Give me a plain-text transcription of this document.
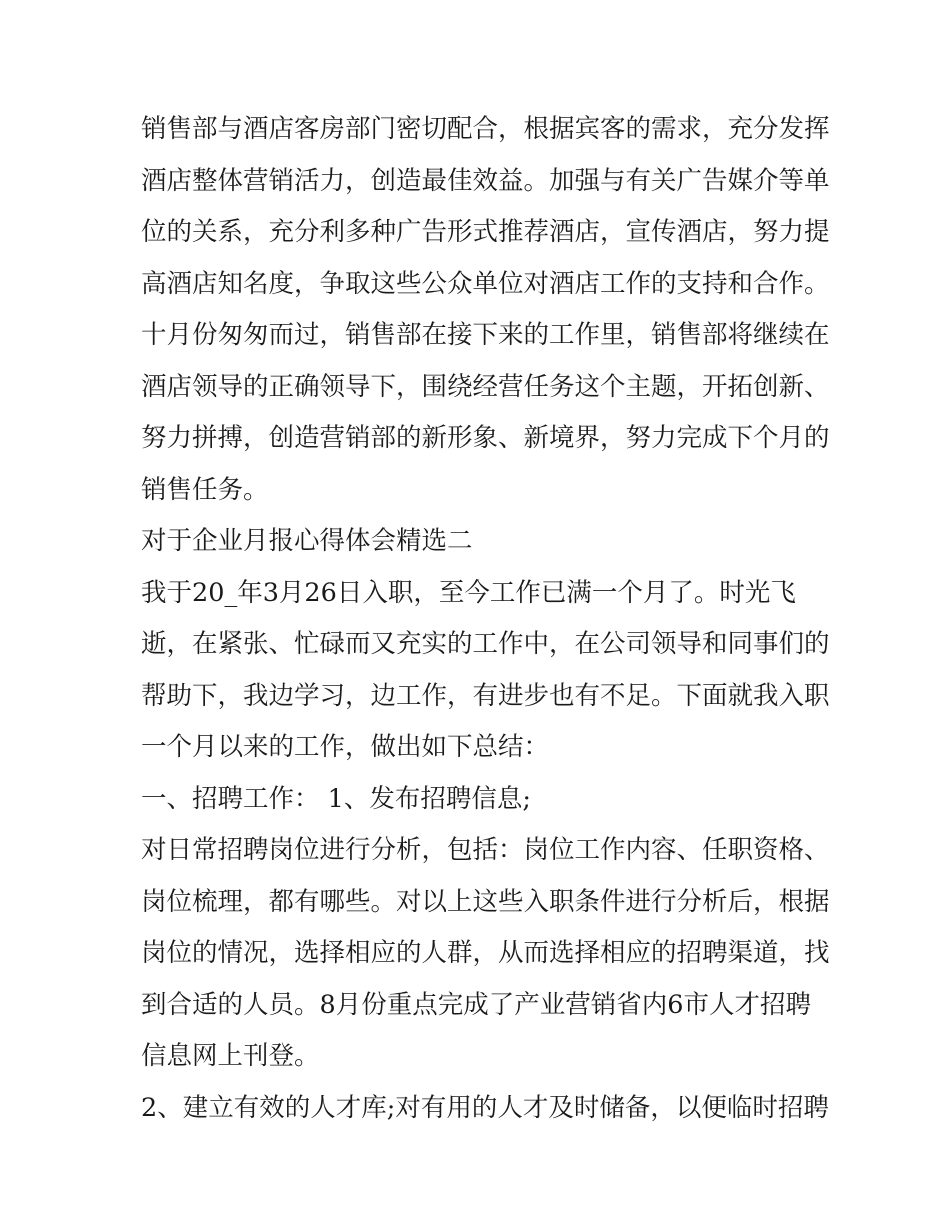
销售部与酒店客房部门密切配合，根据宾客的需求，充分发挥
酒店整体营销活力，创造最佳效益。加强与有关广告媒介等单
位的关系，充分利多种广告形式推荐酒店，宣传酒店，努力提
高酒店知名度，争取这些公众单位对酒店工作的支持和合作。
十月份匆匆而过，销售部在接下来的工作里，销售部将继续在
酒店领导的正确领导下，围绕经营任务这个主题，开拓创新、
努力拼搏，创造营销部的新形象、新境界，努力完成下个月的
销售任务。
对于企业月报心得体会精选二
我于20_年3月26日入职，至今工作已满一个月了。时光飞
逝，在紧张、忙碌而又充实的工作中，在公司领导和同事们的
帮助下，我边学习，边工作，有进步也有不足。下面就我入职
一个月以来的工作，做出如下总结：
一、招聘工作： 1、发布招聘信息;
对日常招聘岗位进行分析，包括：岗位工作内容、任职资格、
岗位梳理，都有哪些。对以上这些入职条件进行分析后，根据
岗位的情况，选择相应的人群，从而选择相应的招聘渠道，找
到合适的人员。8月份重点完成了产业营销省内6市人才招聘
信息网上刊登。
2、建立有效的人才库;对有用的人才及时储备，以便临时招聘
